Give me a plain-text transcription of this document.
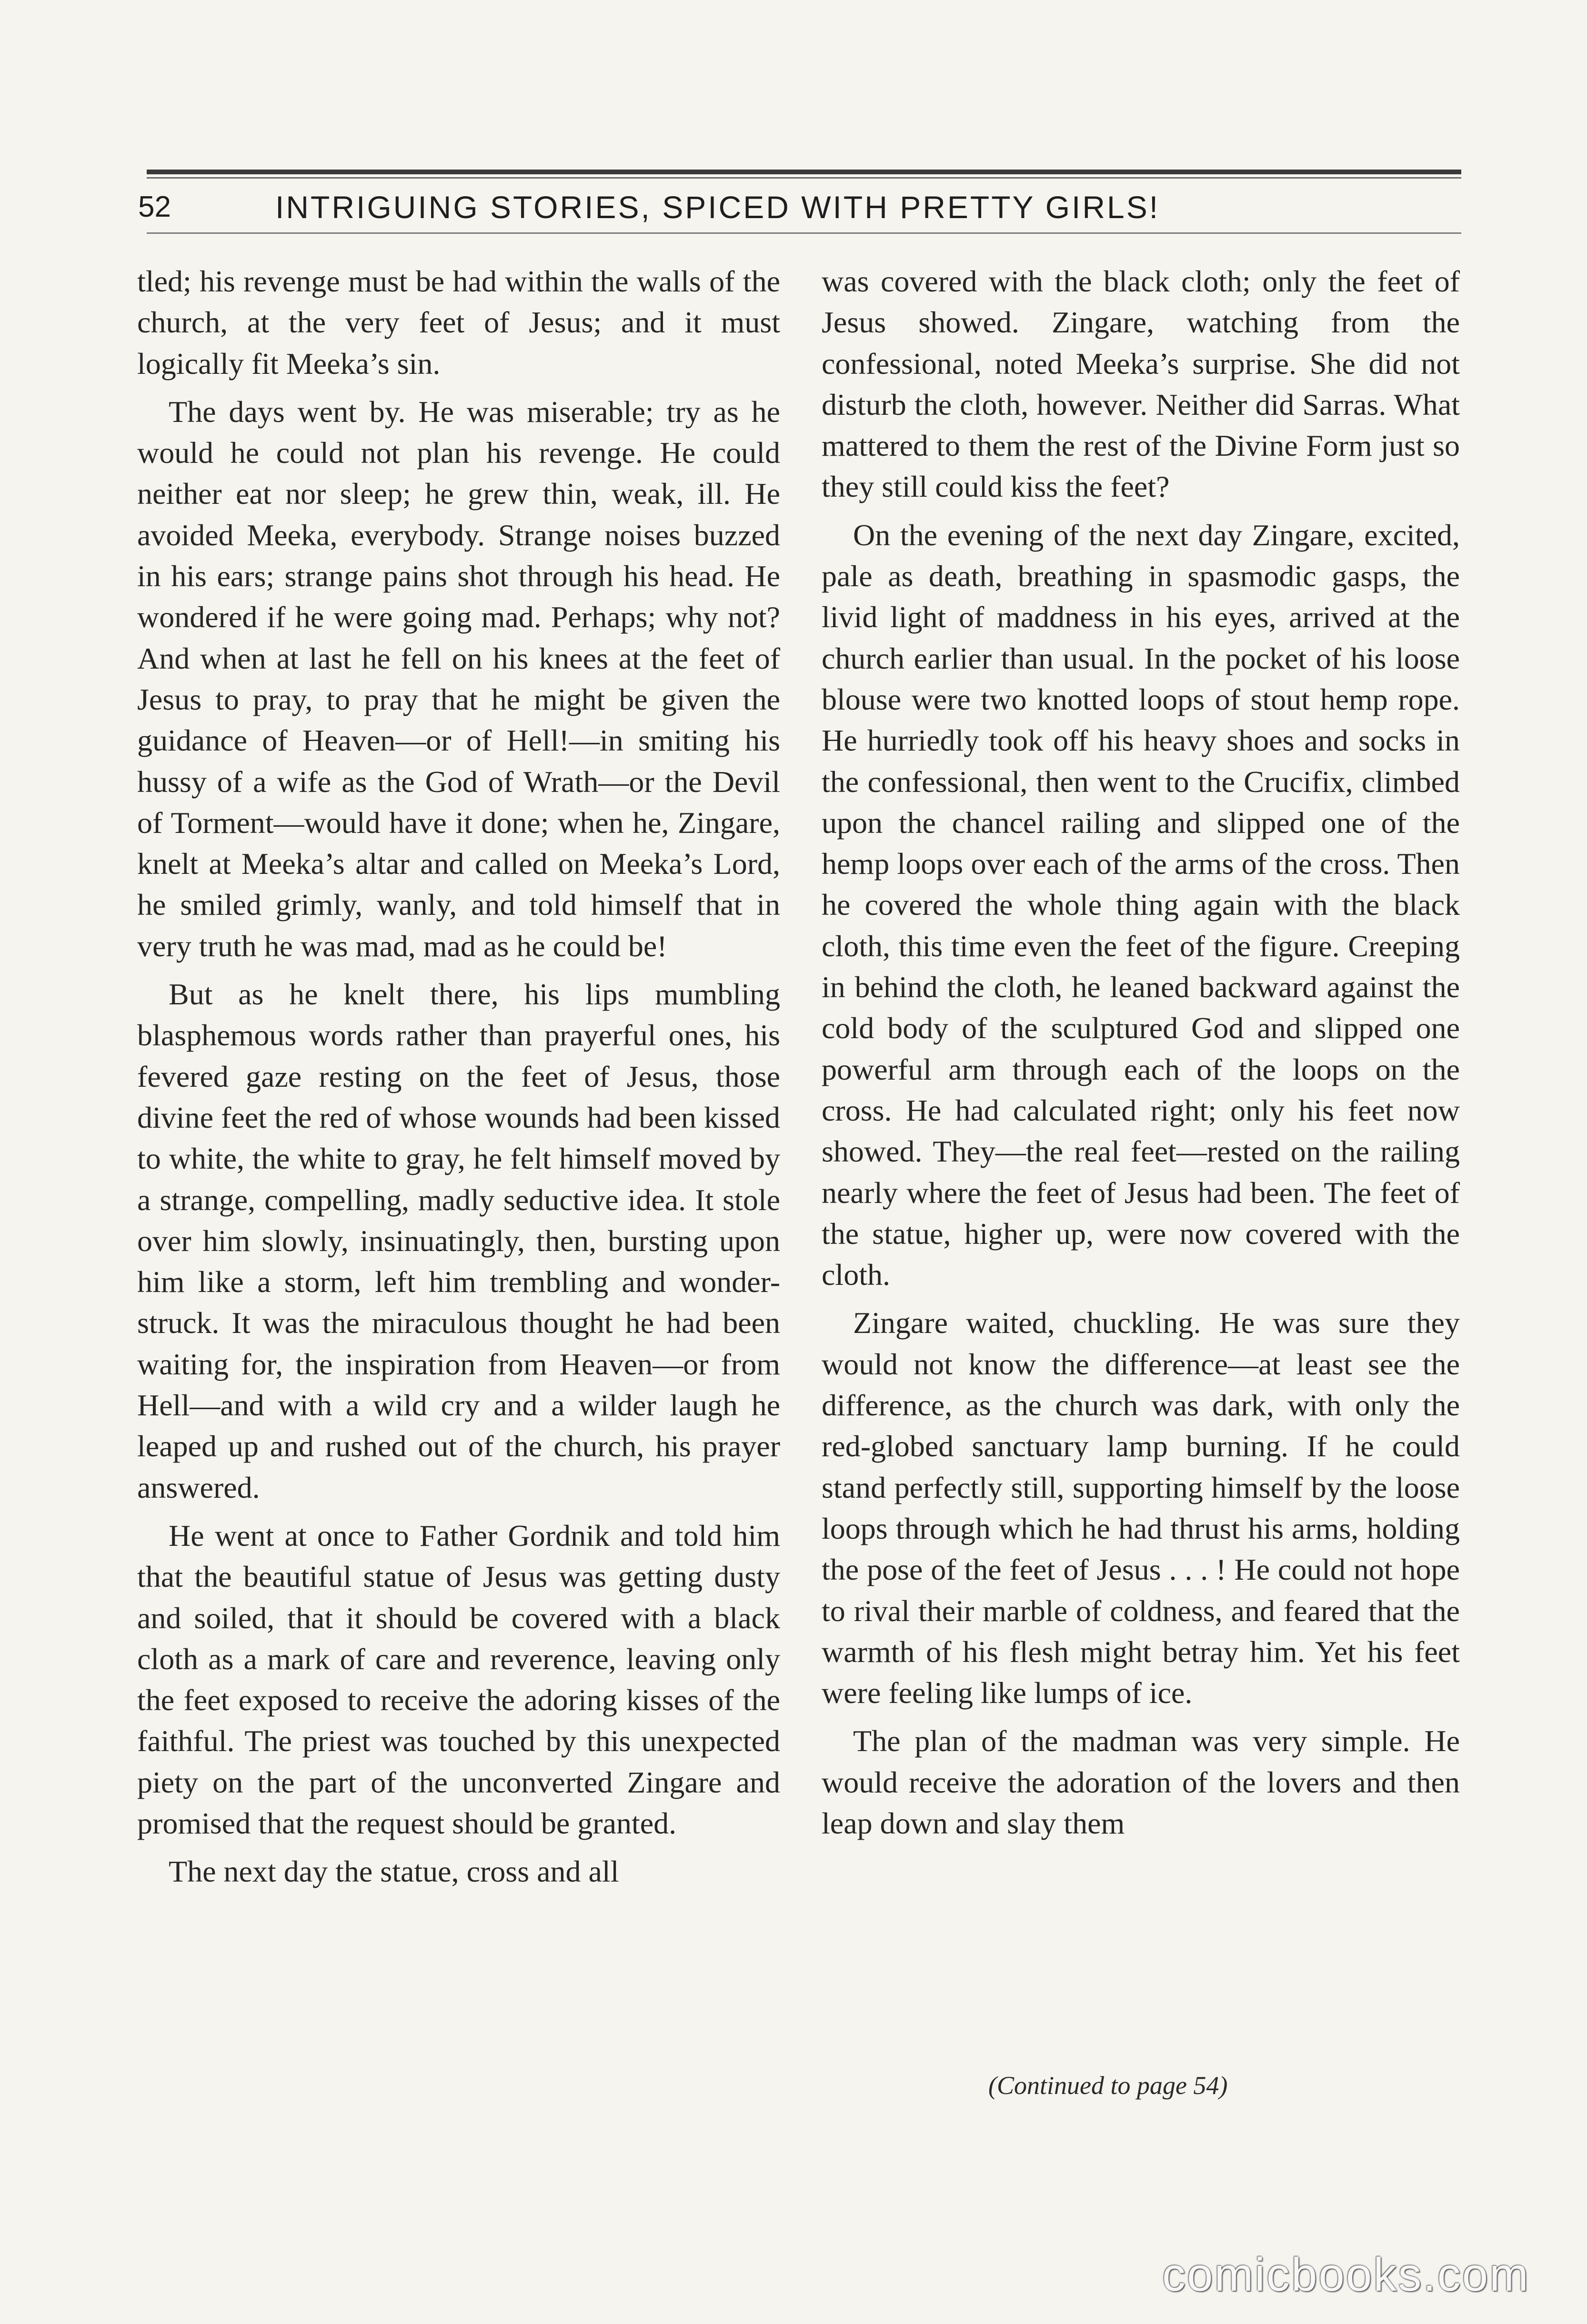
52	INTRIGUING STORIES, SPICED WITH PRETTY GIRLS!

tled; his revenge must be had within the walls of the church, at the very feet of Jesus; and it must logically fit Meeka’s sin.

The days went by. He was miserable; try as he would he could not plan his revenge. He could neither eat nor sleep; he grew thin, weak, ill. He avoided Meeka, everybody. Strange noises buzzed in his ears; strange pains shot through his head. He wondered if he were going mad. Perhaps; why not? And when at last he fell on his knees at the feet of Jesus to pray, to pray that he might be given the guidance of Heaven—or of Hell!—in smiting his hussy of a wife as the God of Wrath—or the Devil of Torment—would have it done; when he, Zingare, knelt at Meeka’s altar and called on Meeka’s Lord, he smiled grimly, wanly, and told himself that in very truth he was mad, mad as he could be!

But as he knelt there, his lips mumbling blasphemous words rather than prayerful ones, his fevered gaze resting on the feet of Jesus, those divine feet the red of whose wounds had been kissed to white, the white to gray, he felt himself moved by a strange, compelling, madly seductive idea. It stole over him slowly, insinuatingly, then, bursting upon him like a storm, left him trembling and wonder-struck. It was the miraculous thought he had been waiting for, the inspiration from Heaven—or from Hell—and with a wild cry and a wilder laugh he leaped up and rushed out of the church, his prayer answered.

He went at once to Father Gordnik and told him that the beautiful statue of Jesus was getting dusty and soiled, that it should be covered with a black cloth as a mark of care and reverence, leaving only the feet exposed to receive the adoring kisses of the faithful. The priest was touched by this unexpected piety on the part of the unconverted Zingare and promised that the request should be granted.

The next day the statue, cross and all

was covered with the black cloth; only the feet of Jesus showed. Zingare, watching from the confessional, noted Meeka’s surprise. She did not disturb the cloth, however. Neither did Sarras. What mattered to them the rest of the Divine Form just so they still could kiss the feet?

On the evening of the next day Zingare, excited, pale as death, breathing in spasmodic gasps, the livid light of maddness in his eyes, arrived at the church earlier than usual. In the pocket of his loose blouse were two knotted loops of stout hemp rope. He hurriedly took off his heavy shoes and socks in the confessional, then went to the Crucifix, climbed upon the chancel railing and slipped one of the hemp loops over each of the arms of the cross. Then he covered the whole thing again with the black cloth, this time even the feet of the figure. Creeping in behind the cloth, he leaned backward against the cold body of the sculptured God and slipped one powerful arm through each of the loops on the cross. He had calculated right; only his feet now showed. They—the real feet—rested on the railing nearly where the feet of Jesus had been. The feet of the statue, higher up, were now covered with the cloth.

Zingare waited, chuckling. He was sure they would not know the difference—at least see the difference, as the church was dark, with only the red-globed sanctuary lamp burning. If he could stand perfectly still, supporting himself by the loose loops through which he had thrust his arms, holding the pose of the feet of Jesus . . . ! He could not hope to rival their marble of coldness, and feared that the warmth of his flesh might betray him. Yet his feet were feeling like lumps of ice.

The plan of the madman was very simple. He would receive the adoration of the lovers and then leap down and slay them

(Continued to page 54)
comicbooks.com
